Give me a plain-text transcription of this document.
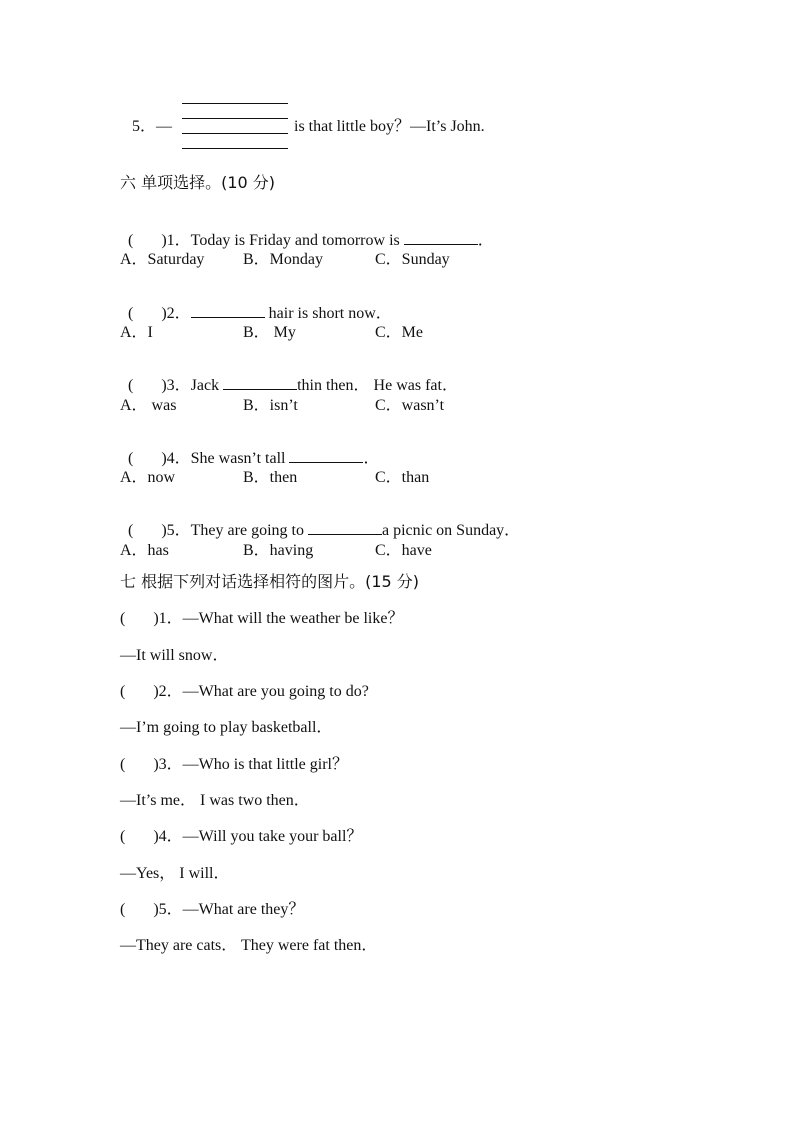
5．—	is that little boy？—It’s John.
六 单项选择。(10 分)

(       )1．Today is Friday and tomorrow is	．

A．Saturday B．Monday	C．Sunday

(       )2．	hair is short now．

A．I	B． My	C．Me

(       )3．Jack	thin then． He was fat．

A． was	B．isn’t	C．wasn’t

(       )4．She wasn’t tall	．

A．now	B．then	C．than

(       )5．They are going to	a picnic on Sunday．

A．has	B．having	C．have
七 根据下列对话选择相符的图片。(15 分)
(       )1．—What will the weather be like？
—It will snow．
(       )2．—What are you going to do?
—I’m going to play basketball．
(       )3．—Who is that little girl？
—It’s me． I was two then．
(       )4．—Will you take your ball？
—Yes， I will．
(       )5．—What are they？
—They are cats． They were fat then．
